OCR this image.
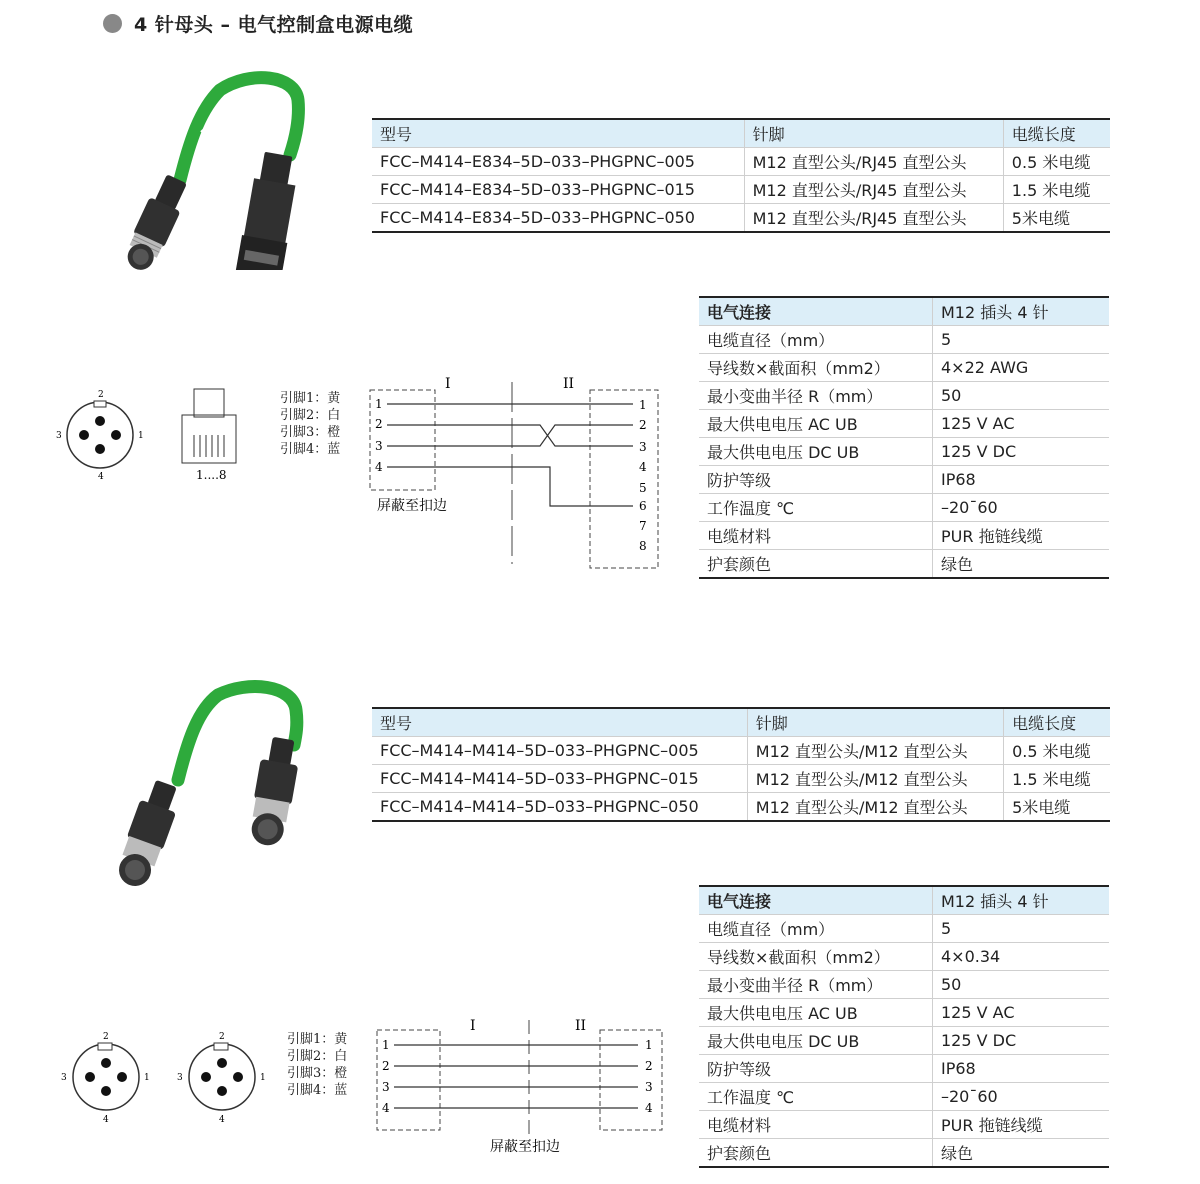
4 针母头 – 电气控制盒电源电缆
型号	针脚	电缆长度
FCC–M414–E834–5D–033–PHGPNC–005	M12 直型公头/RJ45 直型公头	0.5 米电缆
FCC–M414–E834–5D–033–PHGPNC–015	M12 直型公头/RJ45 直型公头	1.5 米电缆
FCC–M414–E834–5D–033–PHGPNC–050	M12 直型公头/RJ45 直型公头	5米电缆
2
1
3
4	1....8
引脚1：黄
引脚2：白
引脚3：橙
引脚4：蓝
I	II
1
2
3
4
1
2
3
4
5
6
7
8
屏蔽至扣边
电气连接	M12 插头 4 针
电缆直径（mm）	5
导线数×截面积（mm2）	4×22 AWG
最小变曲半径 R（mm）	50
最大供电电压 AC UB	125 V AC
最大供电电压 DC UB	125 V DC
防护等级	IP68
工作温度 ℃	–20¯60
电缆材料	PUR 拖链线缆
护套颜色	绿色
型号	针脚	电缆长度
FCC–M414–M414–5D–033–PHGPNC–005	M12 直型公头/M12 直型公头	0.5 米电缆
FCC–M414–M414–5D–033–PHGPNC–015	M12 直型公头/M12 直型公头	1.5 米电缆
FCC–M414–M414–5D–033–PHGPNC–050	M12 直型公头/M12 直型公头	5米电缆
2
1
3
4
2
1
3
4
引脚1：黄
引脚2：白
引脚3：橙
引脚4：蓝
I	II
1
2
3
4
1
2
3
4
屏蔽至扣边
电气连接	M12 插头 4 针
电缆直径（mm）	5
导线数×截面积（mm2）	4×0.34
最小变曲半径 R（mm）	50
最大供电电压 AC UB	125 V AC
最大供电电压 DC UB	125 V DC
防护等级	IP68
工作温度 ℃	–20¯60
电缆材料	PUR 拖链线缆
护套颜色	绿色
